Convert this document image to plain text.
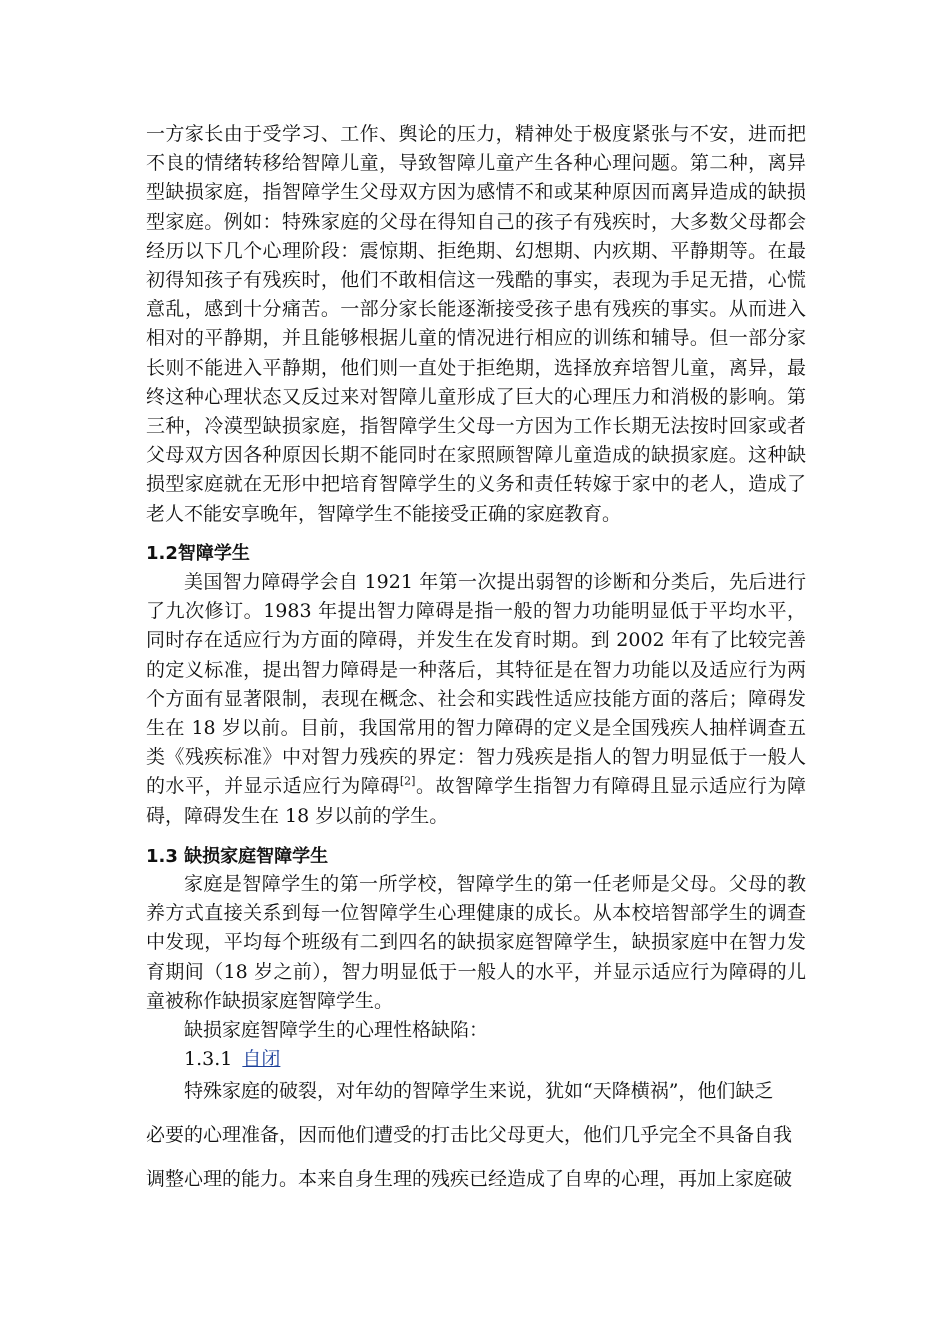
一方家长由于受学习、工作、舆论的压力，精神处于极度紧张与不安，进而把不良的情绪转移给智障儿童，导致智障儿童产生各种心理问题。第二种，离异型缺损家庭，指智障学生父母双方因为感情不和或某种原因而离异造成的缺损型家庭。例如：特殊家庭的父母在得知自己的孩子有残疾时，大多数父母都会经历以下几个心理阶段：震惊期、拒绝期、幻想期、内疚期、平静期等。在最初得知孩子有残疾时，他们不敢相信这一残酷的事实，表现为手足无措，心慌意乱，感到十分痛苦。一部分家长能逐渐接受孩子患有残疾的事实。从而进入相对的平静期，并且能够根据儿童的情况进行相应的训练和辅导。但一部分家长则不能进入平静期，他们则一直处于拒绝期，选择放弃培智儿童，离异，最终这种心理状态又反过来对智障儿童形成了巨大的心理压力和消极的影响。第三种，冷漠型缺损家庭，指智障学生父母一方因为工作长期无法按时回家或者父母双方因各种原因长期不能同时在家照顾智障儿童造成的缺损家庭。这种缺损型家庭就在无形中把培育智障学生的义务和责任转嫁于家中的老人，造成了老人不能安享晚年，智障学生不能接受正确的家庭教育。

1.2智障学生

美国智力障碍学会自 1921 年第一次提出弱智的诊断和分类后，先后进行了九次修订。1983 年提出智力障碍是指一般的智力功能明显低于平均水平，同时存在适应行为方面的障碍，并发生在发育时期。到 2002 年有了比较完善的定义标准，提出智力障碍是一种落后，其特征是在智力功能以及适应行为两个方面有显著限制，表现在概念、社会和实践性适应技能方面的落后；障碍发生在 18 岁以前。目前，我国常用的智力障碍的定义是全国残疾人抽样调查五类《残疾标准》中对智力残疾的界定：智力残疾是指人的智力明显低于一般人的水平，并显示适应行为障碍[2]。故智障学生指智力有障碍且显示适应行为障碍，障碍发生在 18 岁以前的学生。

1.3 缺损家庭智障学生

家庭是智障学生的第一所学校，智障学生的第一任老师是父母。父母的教养方式直接关系到每一位智障学生心理健康的成长。从本校培智部学生的调查中发现，平均每个班级有二到四名的缺损家庭智障学生，缺损家庭中在智力发育期间（18 岁之前），智力明显低于一般人的水平，并显示适应行为障碍的儿童被称作缺损家庭智障学生。

缺损家庭智障学生的心理性格缺陷：

1.3.1 自闭

特殊家庭的破裂，对年幼的智障学生来说，犹如“天降横祸”，他们缺乏

必要的心理准备，因而他们遭受的打击比父母更大，他们几乎完全不具备自我

调整心理的能力。本来自身生理的残疾已经造成了自卑的心理，再加上家庭破
